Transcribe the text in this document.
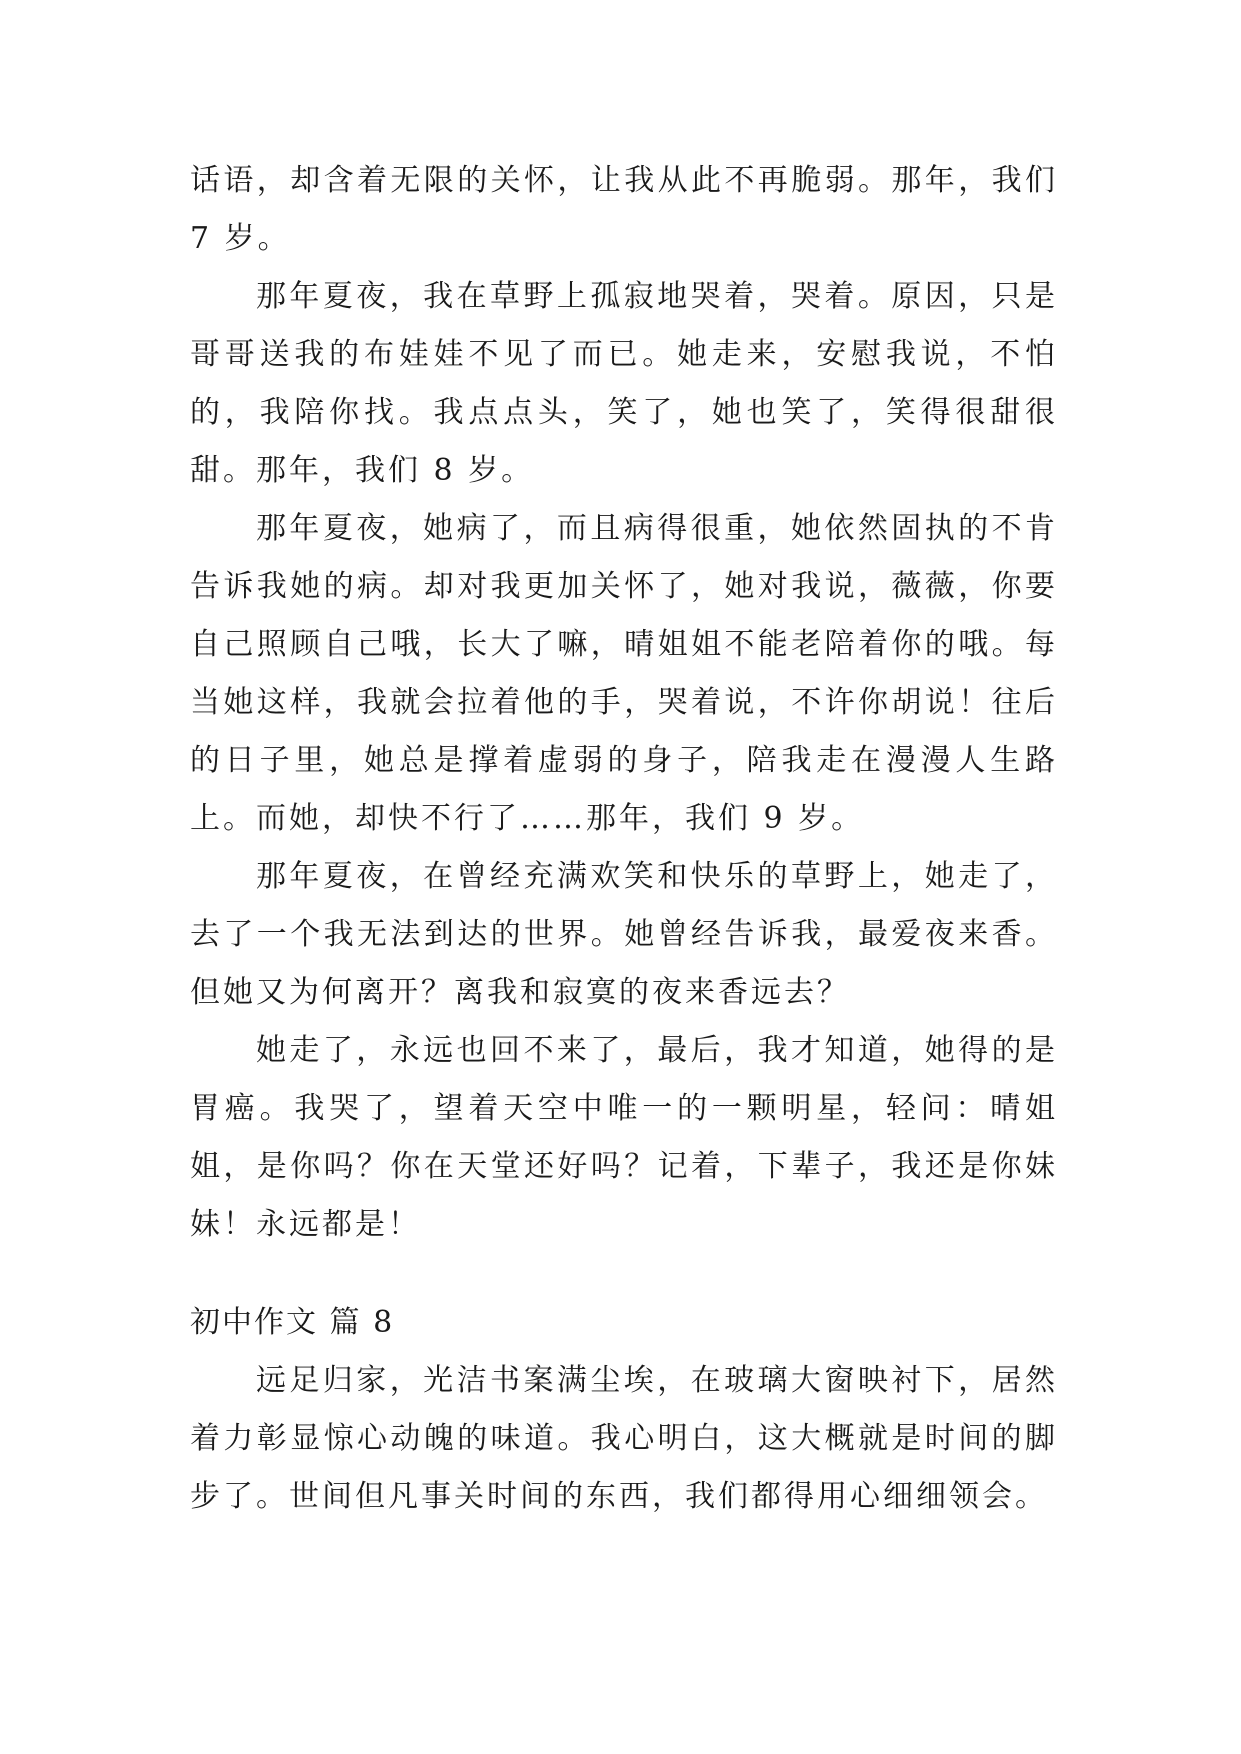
话语，却含着无限的关怀，让我从此不再脆弱。那年，我们 7 岁。

那年夏夜，我在草野上孤寂地哭着，哭着。原因，只是哥哥送我的布娃娃不见了而已。她走来，安慰我说，不怕的，我陪你找。我点点头，笑了，她也笑了，笑得很甜很甜。那年，我们 8 岁。

那年夏夜，她病了，而且病得很重，她依然固执的不肯告诉我她的病。却对我更加关怀了，她对我说，薇薇，你要自己照顾自己哦，长大了嘛，晴姐姐不能老陪着你的哦。每当她这样，我就会拉着他的手，哭着说，不许你胡说！往后的日子里，她总是撑着虚弱的身子，陪我走在漫漫人生路上。而她，却快不行了……那年，我们 9 岁。

那年夏夜，在曾经充满欢笑和快乐的草野上，她走了，去了一个我无法到达的世界。她曾经告诉我，最爱夜来香。但她又为何离开？离我和寂寞的夜来香远去？

她走了，永远也回不来了，最后，我才知道，她得的是胃癌。我哭了，望着天空中唯一的一颗明星，轻问：晴姐姐，是你吗？你在天堂还好吗？记着，下辈子，我还是你妹妹！永远都是！

初中作文 篇 8

远足归家，光洁书案满尘埃，在玻璃大窗映衬下，居然着力彰显惊心动魄的味道。我心明白，这大概就是时间的脚步了。世间但凡事关时间的东西，我们都得用心细细领会。
